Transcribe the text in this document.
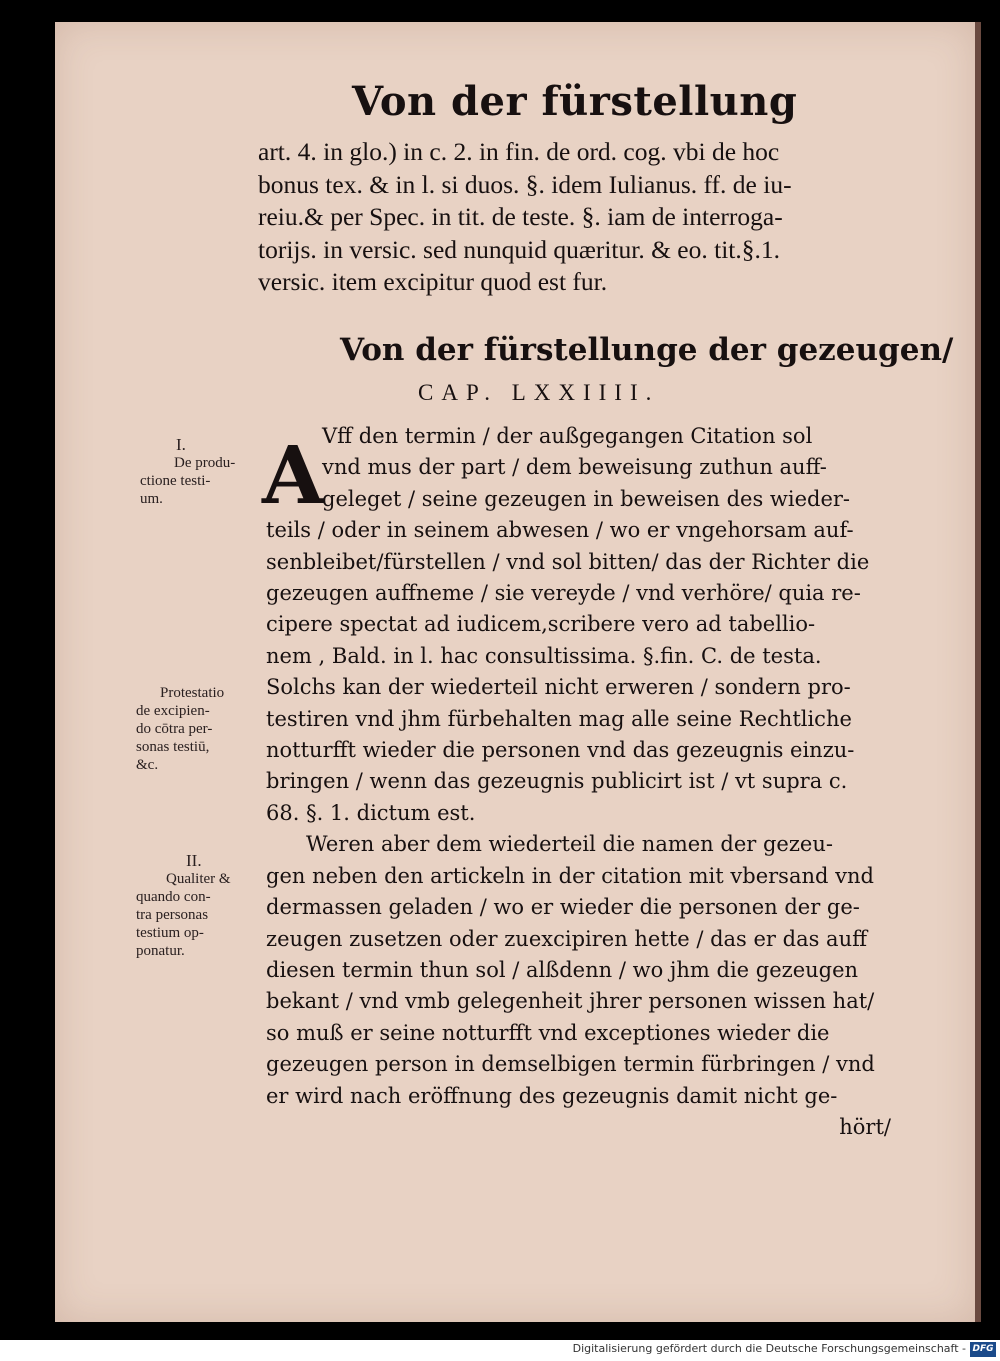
Von der fürstellung
art. 4. in glo.) in c. 2. in fin. de ord. cog. vbi de hoc
bonus tex. & in l. si duos. §. idem Iulianus. ff. de iu-
reiu.& per Spec. in tit. de teste. §. iam de interroga-
torijs. in versic. sed nunquid quæritur. & eo. tit.§.1.
versic. item excipitur quod est fur.
Von der fürstellunge der gezeugen/
CAP. LXXIIII.
A
Vff den termin / der außgegangen Citation sol
vnd mus der part / dem beweisung zuthun auff-
geleget / seine gezeugen in beweisen des wieder-
teils / oder in seinem abwesen / wo er vngehorsam auf-
senbleibet/fürstellen / vnd sol bitten/ das der Richter die
gezeugen auffneme / sie vereyde / vnd verhöre/ quia re-
cipere spectat ad iudicem,scribere vero ad tabellio-
nem , Bald. in l. hac consultissima. §.fin. C. de testa.
Solchs kan der wiederteil nicht erweren / sondern pro-
testiren vnd jhm fürbehalten mag alle seine Rechtliche
notturfft wieder die personen vnd das gezeugnis einzu-
bringen / wenn das gezeugnis publicirt ist / vt supra c.
68. §. 1. dictum est.
Weren aber dem wiederteil die namen der gezeu-
gen neben den artickeln in der citation mit vbersand vnd
dermassen geladen / wo er wieder die personen der ge-
zeugen zusetzen oder zuexcipiren hette / das er das auff
diesen termin thun sol / alßdenn / wo jhm die gezeugen
bekant / vnd vmb gelegenheit jhrer personen wissen hat/
so muß er seine notturfft vnd exceptiones wieder die
gezeugen person in demselbigen termin fürbringen / vnd
er wird nach eröffnung des gezeugnis damit nicht ge-
hört/
I.
De produ-
ctione testi-
um.
Protestatio
de excipien-
do cōtra per-
sonas testiū,
&c.
II.
Qualiter &
quando con-
tra personas
testium op-
ponatur.
Digitalisierung gefördert durch die Deutsche Forschungsgemeinschaft - DFG
